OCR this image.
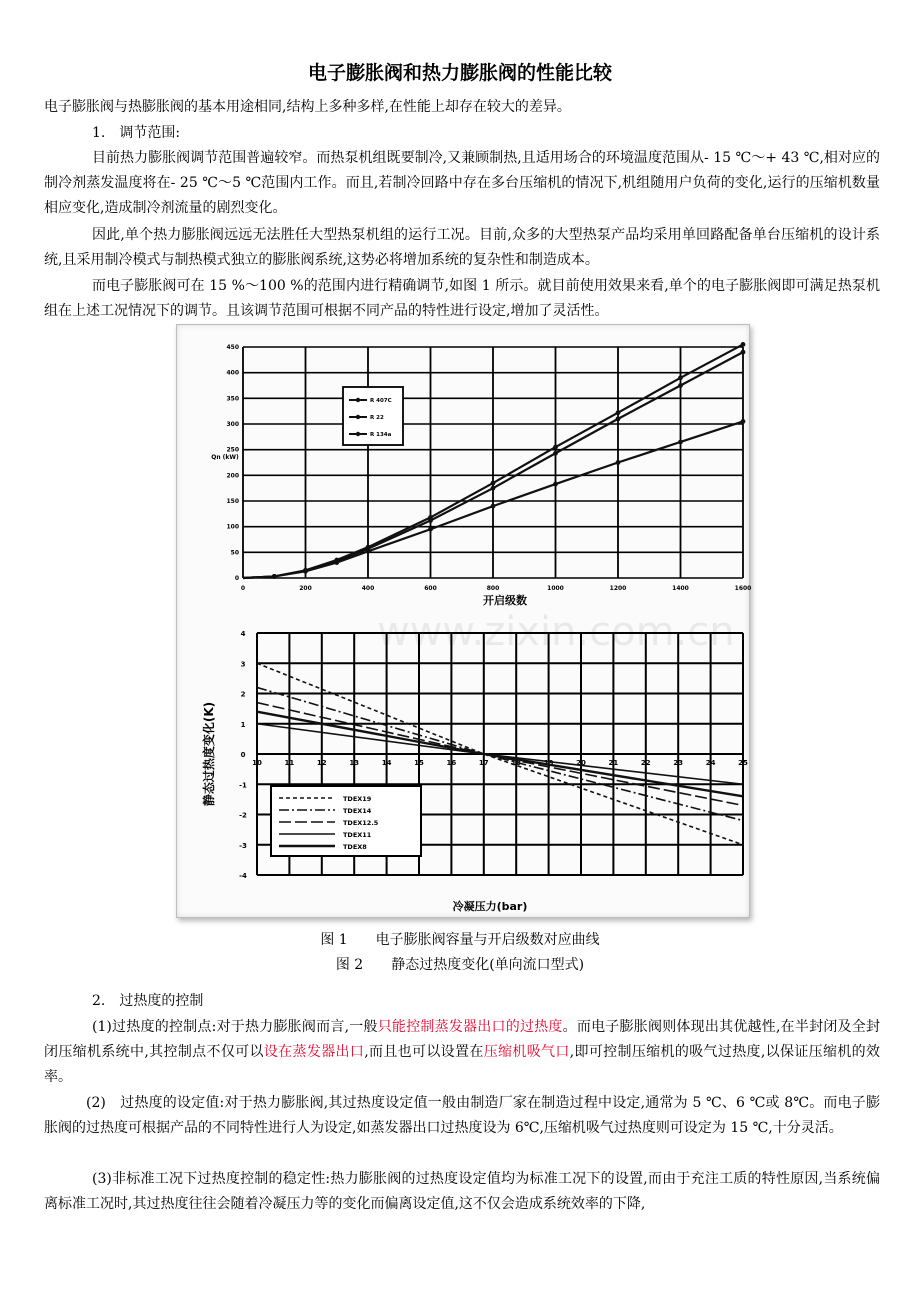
电子膨胀阀和热力膨胀阀的性能比较
电子膨胀阀与热膨胀阀的基本用途相同,结构上多种多样,在性能上却存在较大的差异。
1.　调节范围:
目前热力膨胀阀调节范围普遍较窄。而热泵机组既要制冷,又兼顾制热,且适用场合的环境温度范围从- 15 ℃～+ 43 ℃,相对应的制冷剂蒸发温度将在- 25 ℃～5 ℃范围内工作。而且,若制冷回路中存在多台压缩机的情况下,机组随用户负荷的变化,运行的压缩机数量相应变化,造成制冷剂流量的剧烈变化。
因此,单个热力膨胀阀远远无法胜任大型热泵机组的运行工况。目前,众多的大型热泵产品均采用单回路配备单台压缩机的设计系统,且采用制冷模式与制热模式独立的膨胀阀系统,这势必将增加系统的复杂性和制造成本。
而电子膨胀阀可在 15 %～100 %的范围内进行精确调节,如图 1 所示。就目前使用效果来看,单个的电子膨胀阀即可满足热泵机组在上述工况情况下的调节。且该调节范围可根据不同产品的特性进行设定,增加了灵活性。
0	200	400	600	800	1000	1200	1400	1600
0
50
100
150
200
250
300
350
400
450
Qn (kW)
开启级数
R 407C
R 22
R 134a
10	11	12	13	14	15	16	17	18	19	20	21	22	23	24	25
4
3
2
1
0
-1
-2
-3
-4
静态过热度变化(K)
冷凝压力(bar)
TDEX19
TDEX14
TDEX12.5
TDEX11
TDEX8
www.zixin.com.cn
图 1　　电子膨胀阀容量与开启级数对应曲线
图 2　　静态过热度变化(单向流口型式)
2.　过热度的控制
(1)过热度的控制点:对于热力膨胀阀而言,一般只能控制蒸发器出口的过热度。而电子膨胀阀则体现出其优越性,在半封闭及全封闭压缩机系统中,其控制点不仅可以设在蒸发器出口,而且也可以设置在压缩机吸气口,即可控制压缩机的吸气过热度,以保证压缩机的效率。
(2)　过热度的设定值:对于热力膨胀阀,其过热度设定值一般由制造厂家在制造过程中设定,通常为 5 ℃、6 ℃或 8℃。而电子膨胀阀的过热度可根据产品的不同特性进行人为设定,如蒸发器出口过热度设为 6℃,压缩机吸气过热度则可设定为 15 ℃,十分灵活。
(3)非标准工况下过热度控制的稳定性:热力膨胀阀的过热度设定值均为标准工况下的设置,而由于充注工质的特性原因,当系统偏离标准工况时,其过热度往往会随着冷凝压力等的变化而偏离设定值,这不仅会造成系统效率的下降,
